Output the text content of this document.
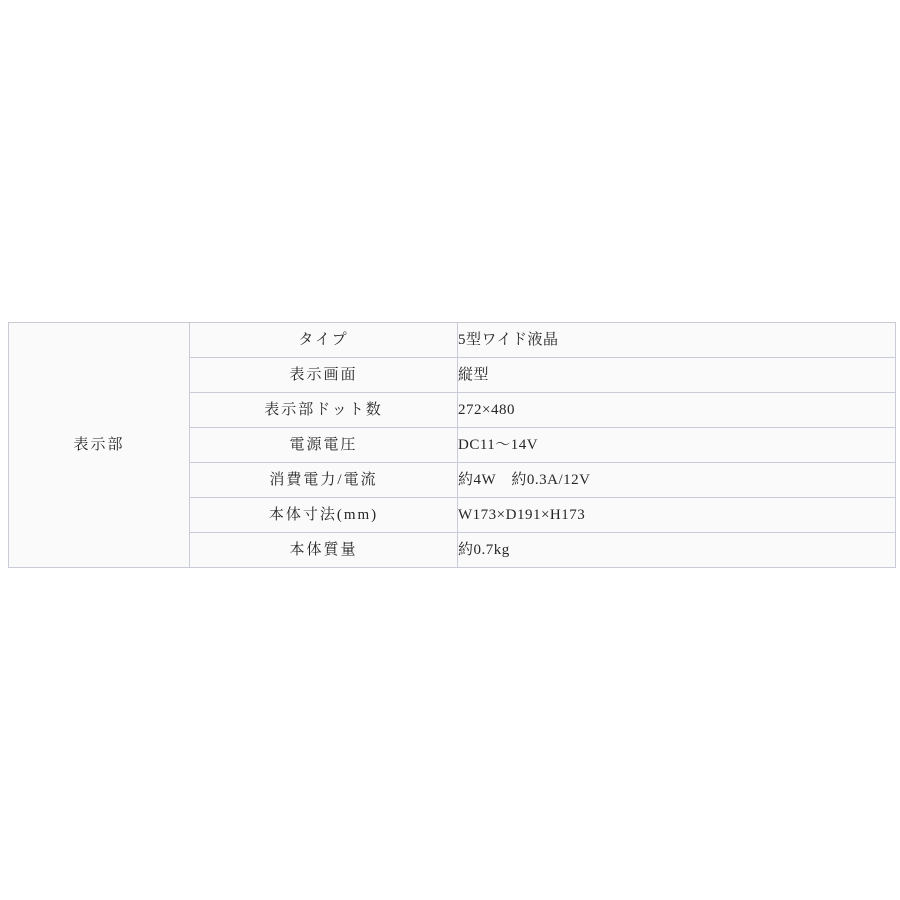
表示部	タイプ	5型ワイド液晶

	表示画面	縦型

	表示部ドット数	272×480

	電源電圧	DC11〜14V

	消費電力/電流	約4W　約0.3A/12V

	本体寸法(mm)	W173×D191×H173

	本体質量	約0.7kg
